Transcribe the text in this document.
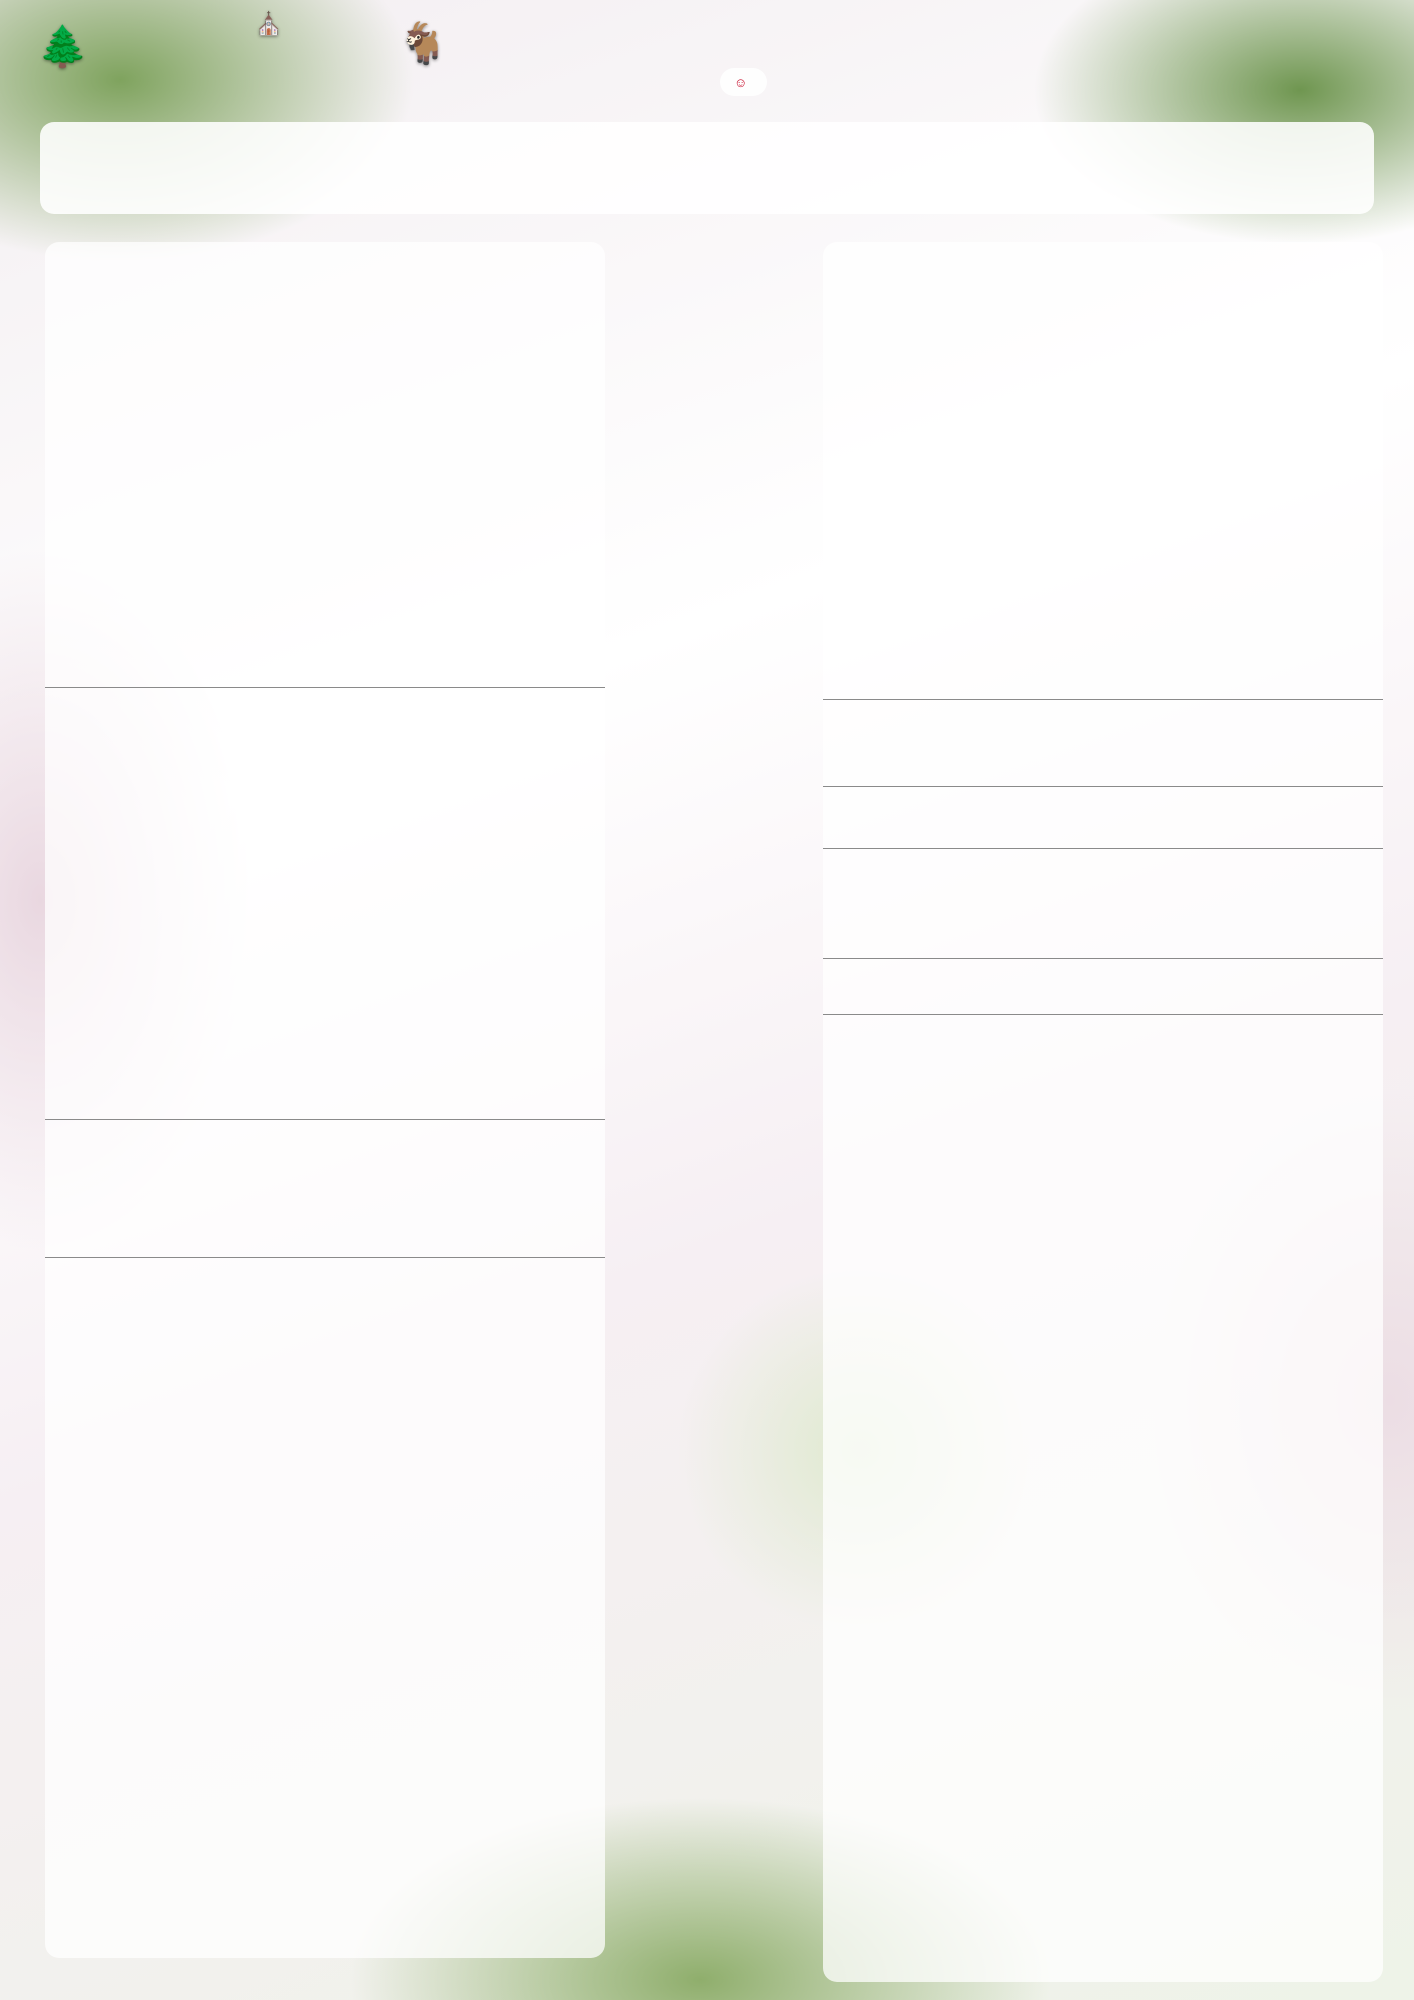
🌲	⛪	🐐
☺
